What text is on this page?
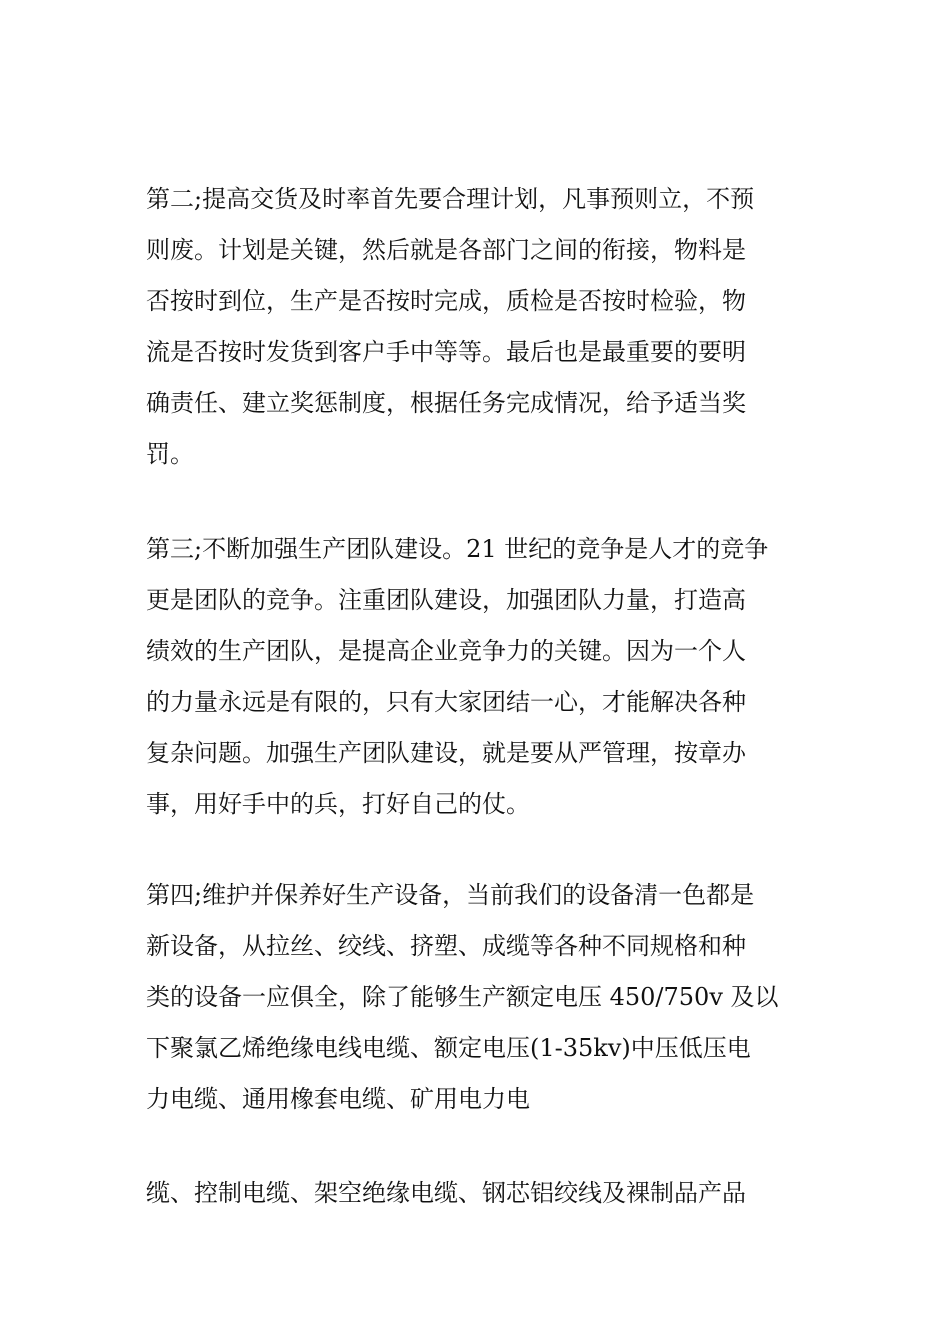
第二;提高交货及时率首先要合理计划，凡事预则立，不预
则废。计划是关键，然后就是各部门之间的衔接，物料是
否按时到位，生产是否按时完成，质检是否按时检验，物
流是否按时发货到客户手中等等。最后也是最重要的要明
确责任、建立奖惩制度，根据任务完成情况，给予适当奖
罚。

第三;不断加强生产团队建设。21 世纪的竞争是人才的竞争
更是团队的竞争。注重团队建设，加强团队力量，打造高
绩效的生产团队，是提高企业竞争力的关键。因为一个人
的力量永远是有限的，只有大家团结一心，才能解决各种
复杂问题。加强生产团队建设，就是要从严管理，按章办
事，用好手中的兵，打好自己的仗。

第四;维护并保养好生产设备，当前我们的设备清一色都是
新设备，从拉丝、绞线、挤塑、成缆等各种不同规格和种
类的设备一应俱全，除了能够生产额定电压 450/750v 及以
下聚氯乙烯绝缘电线电缆、额定电压(1-35kv)中压低压电
力电缆、通用橡套电缆、矿用电力电

缆、控制电缆、架空绝缘电缆、钢芯铝绞线及裸制品产品
